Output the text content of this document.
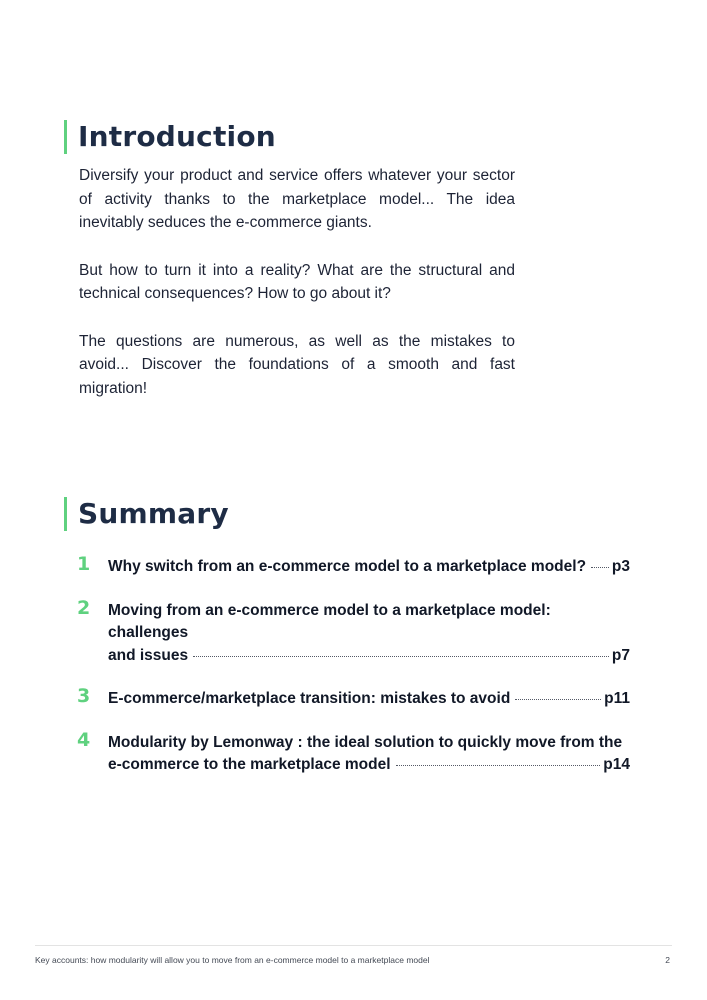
Introduction

Diversify your product and service offers whatever your sector of activity thanks to the marketplace model... The idea inevitably seduces the e-commerce giants.

But how to turn it into a reality? What are the structural and technical consequences? How to go about it?

The questions are numerous, as well as the mistakes to avoid... Discover the foundations of a smooth and fast migration!

Summary
1 Why switch from an e-commerce model to a marketplace model? p3
2 Moving from an e-commerce model to a marketplace model: challenges
and issues	p7
3 E-commerce/marketplace transition: mistakes to avoid	p11
4 Modularity by Lemonway : the ideal solution to quickly move from the
e-commerce to the marketplace model	p14
Key accounts: how modularity will allow you to move from an e-commerce model to a marketplace model	2
